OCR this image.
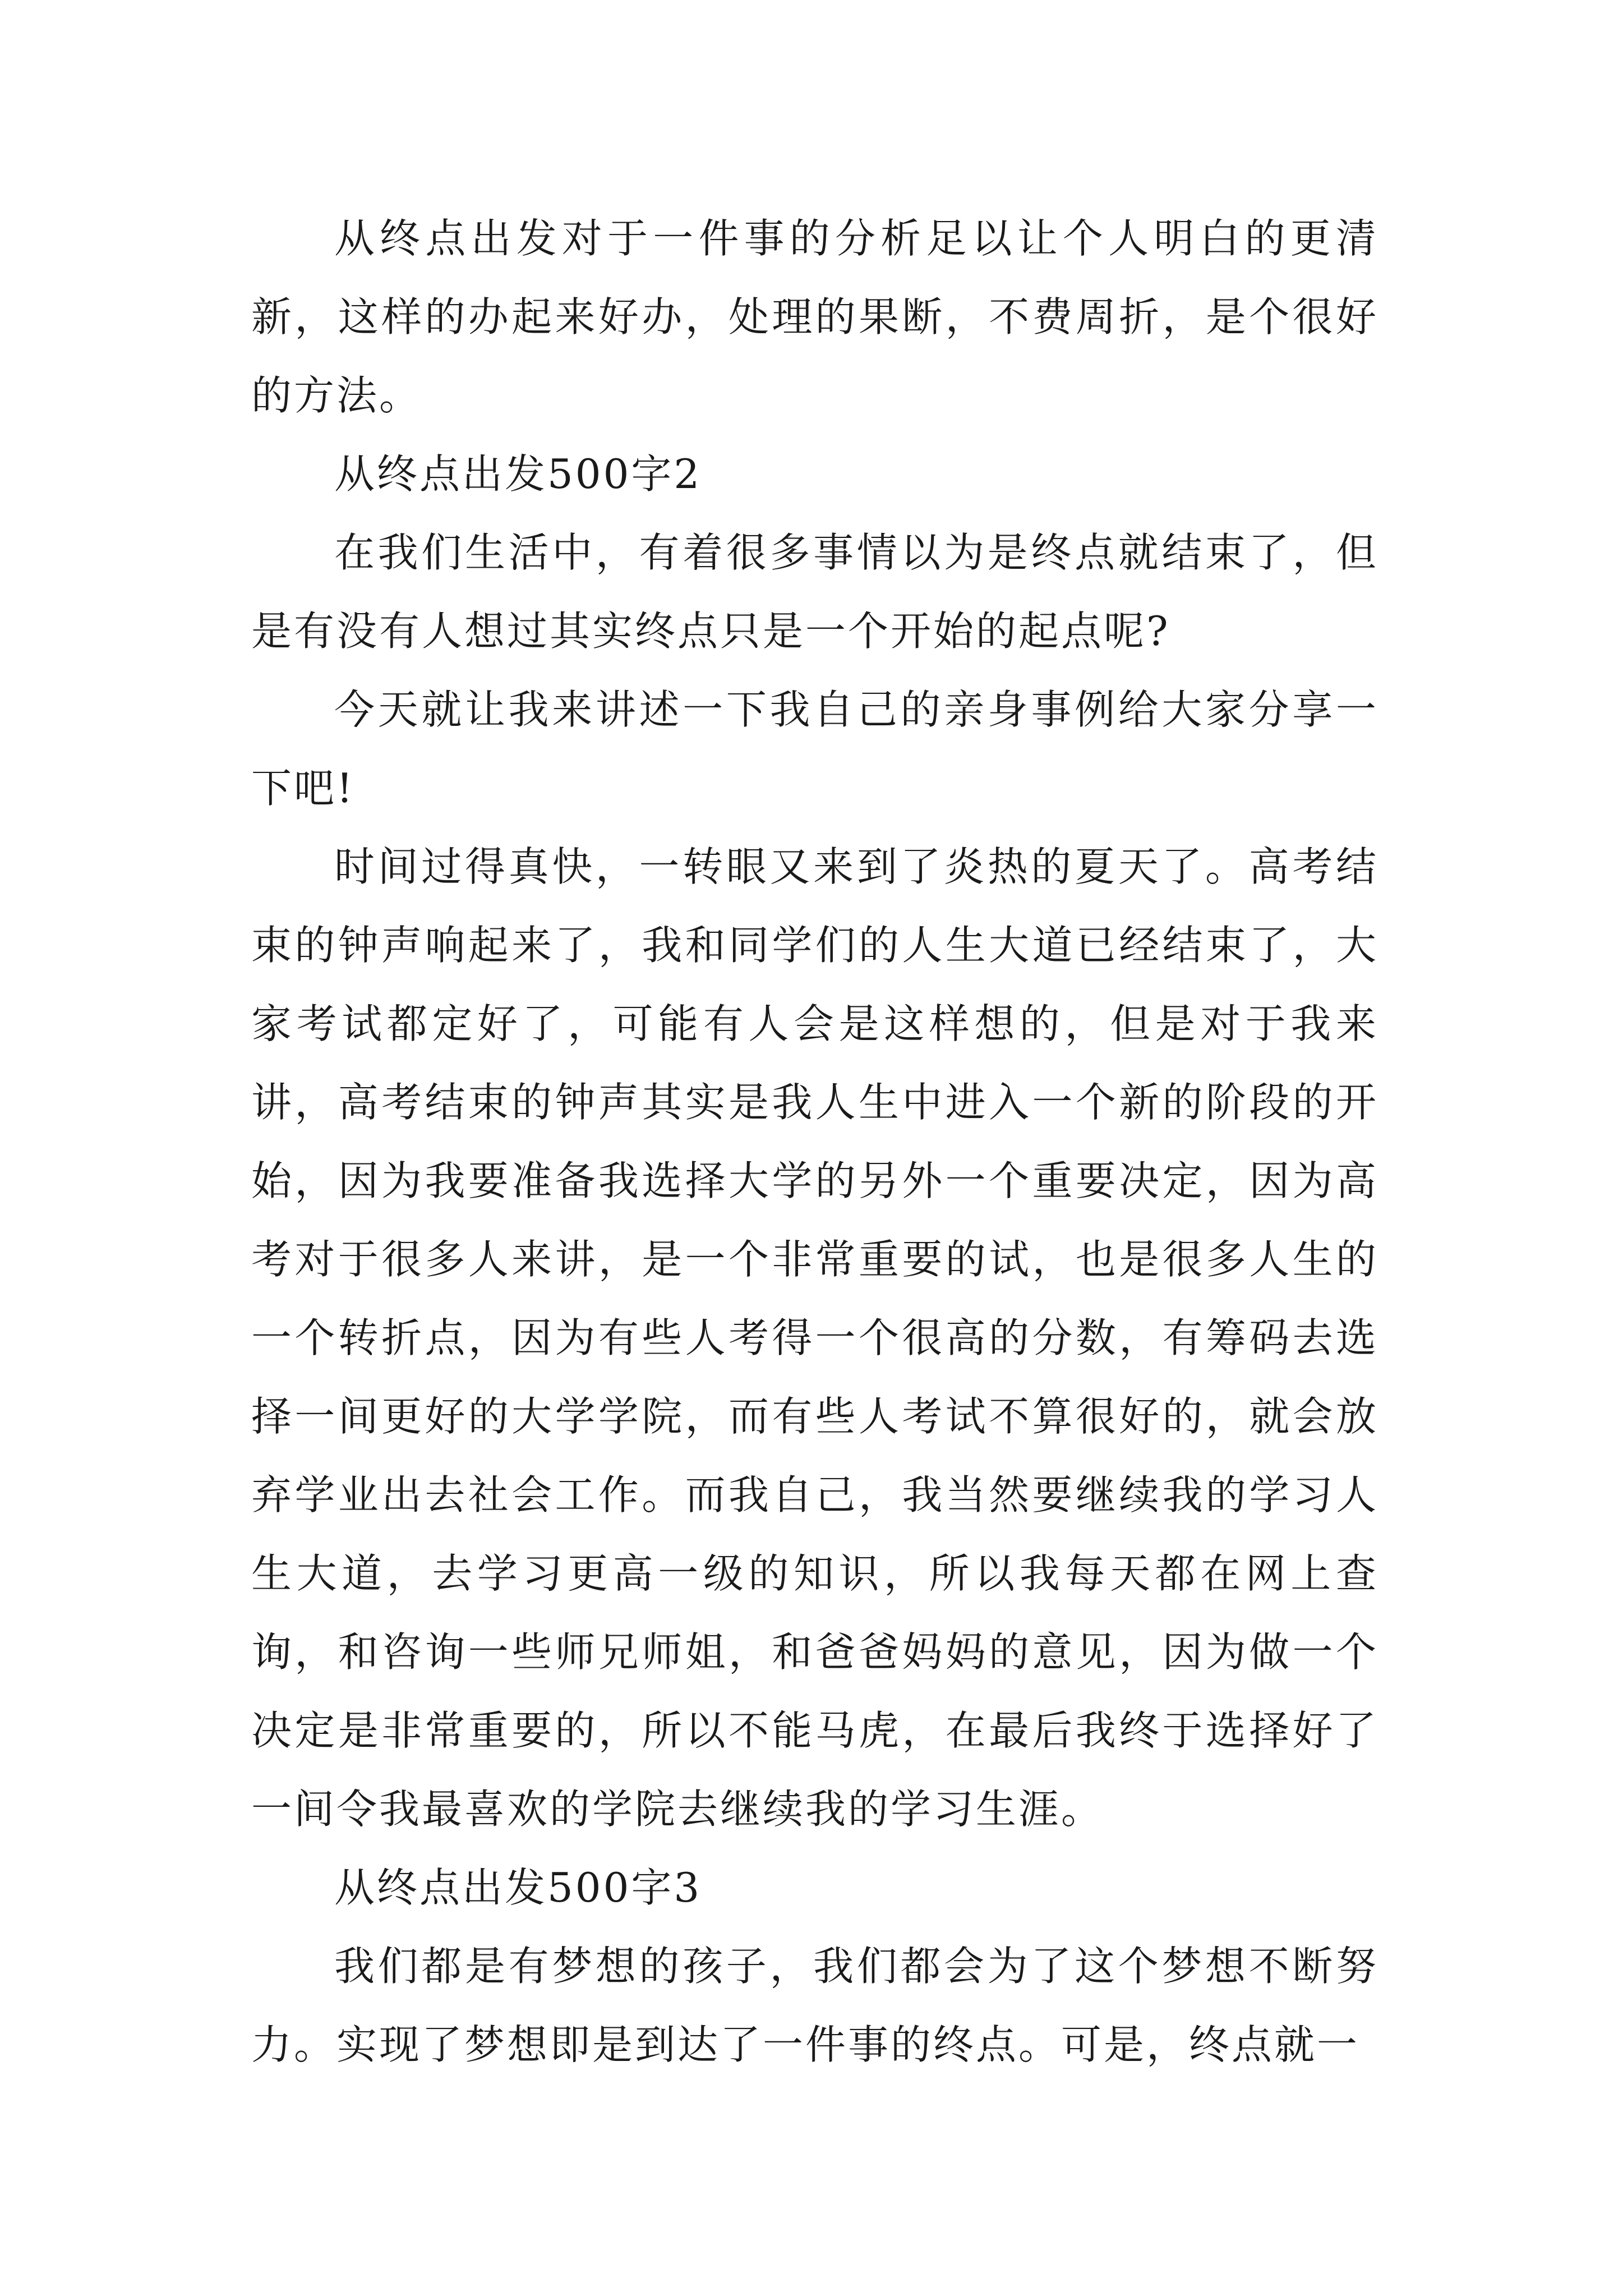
从终点出发对于一件事的分析足以让个人明白的更清新，这样的办起来好办，处理的果断，不费周折，是个很好的方法。

从终点出发500字2

在我们生活中，有着很多事情以为是终点就结束了，但是有没有人想过其实终点只是一个开始的起点呢?

今天就让我来讲述一下我自己的亲身事例给大家分享一下吧!

时间过得真快，一转眼又来到了炎热的夏天了。高考结束的钟声响起来了，我和同学们的人生大道已经结束了，大家考试都定好了，可能有人会是这样想的，但是对于我来讲，高考结束的钟声其实是我人生中进入一个新的阶段的开始，因为我要准备我选择大学的另外一个重要决定，因为高考对于很多人来讲，是一个非常重要的试，也是很多人生的一个转折点，因为有些人考得一个很高的分数，有筹码去选择一间更好的大学学院，而有些人考试不算很好的，就会放弃学业出去社会工作。而我自己，我当然要继续我的学习人生大道，去学习更高一级的知识，所以我每天都在网上查询，和咨询一些师兄师姐，和爸爸妈妈的意见，因为做一个决定是非常重要的，所以不能马虎，在最后我终于选择好了一间令我最喜欢的学院去继续我的学习生涯。

从终点出发500字3

我们都是有梦想的孩子，我们都会为了这个梦想不断努力。实现了梦想即是到达了一件事的终点。可是，终点就一
